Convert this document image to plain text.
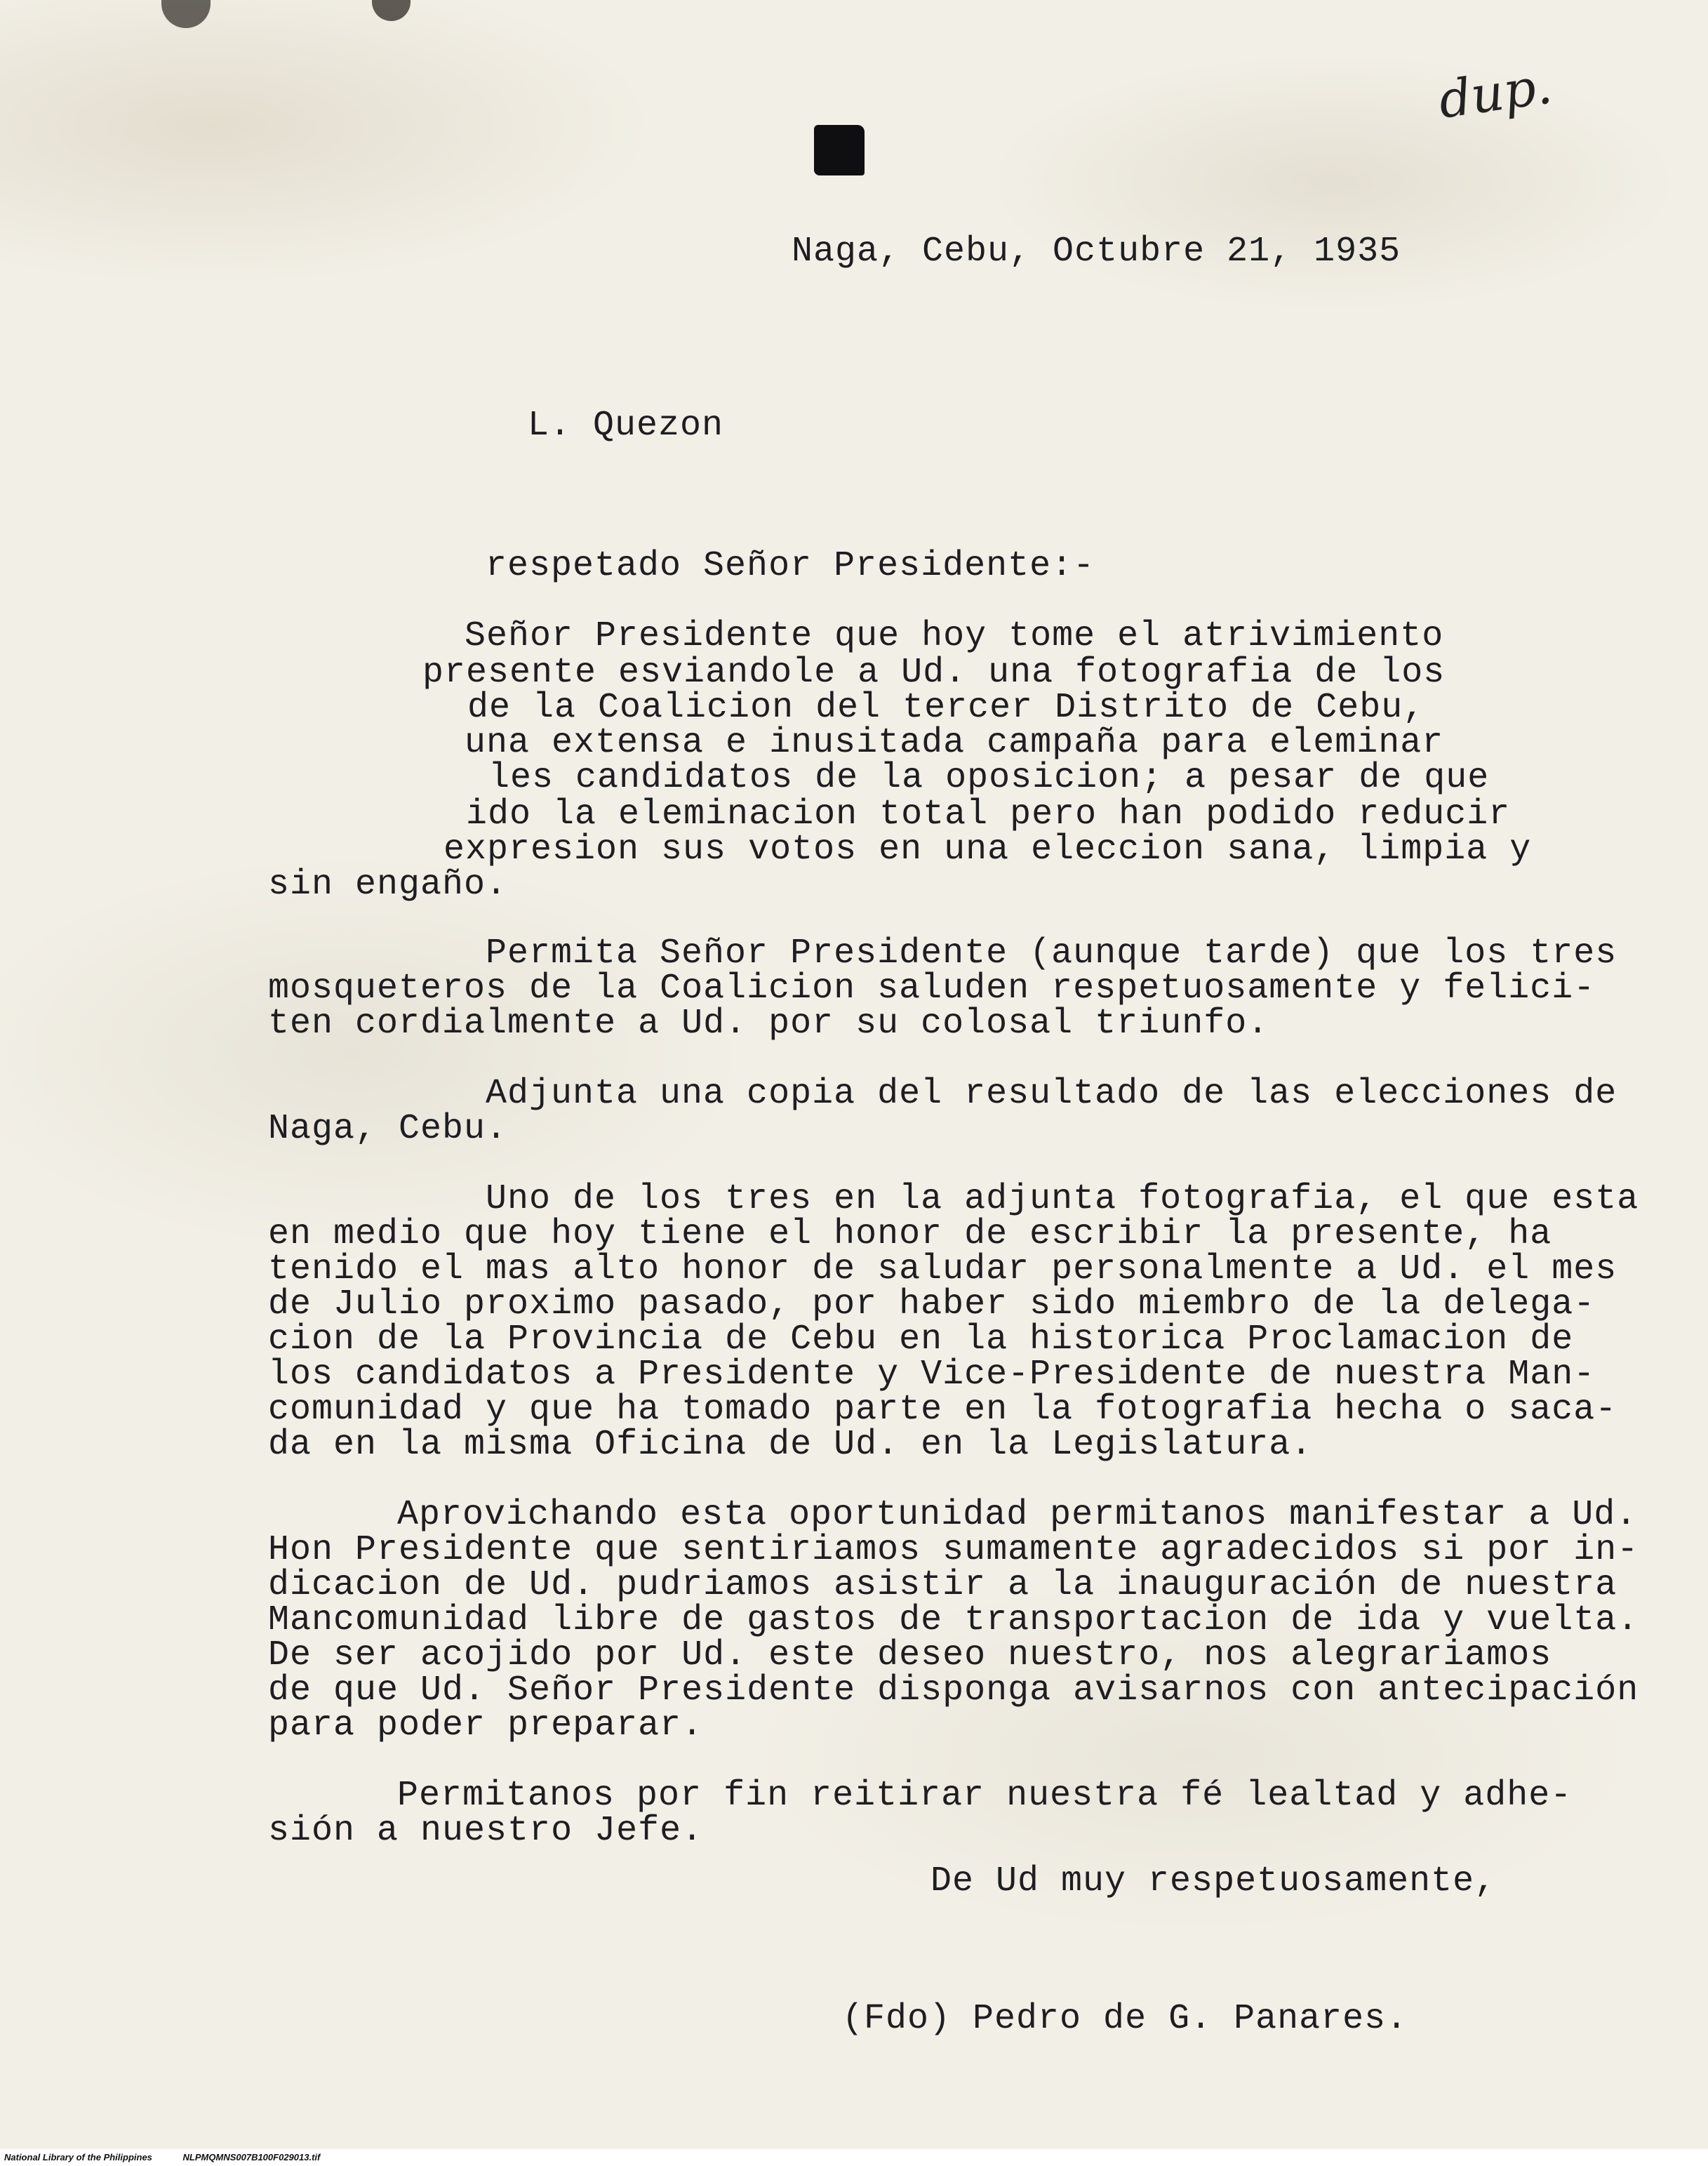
dup.
Naga, Cebu, Octubre 21, 1935
L. Quezon
respetado Señor Presidente:-
Señor Presidente que hoy tome el atrivimiento
presente esviandole a Ud. una fotografia de los
de la Coalicion del tercer Distrito de Cebu,
una extensa e inusitada campaña para eleminar
les candidatos de la oposicion; a pesar de que
ido la eleminacion total pero han podido reducir
expresion sus votos en una eleccion sana, limpia y
sin engaño.
Permita Señor Presidente (aunque tarde) que los tres
mosqueteros de la Coalicion saluden respetuosamente y felici-
ten cordialmente a Ud. por su colosal triunfo.
Adjunta una copia del resultado de las elecciones de
Naga, Cebu.
Uno de los tres en la adjunta fotografia, el que esta
en medio que hoy tiene el honor de escribir la presente, ha
tenido el mas alto honor de saludar personalmente a Ud. el mes
de Julio proximo pasado, por haber sido miembro de la delega-
cion de la Provincia de Cebu en la historica Proclamacion de
los candidatos a Presidente y Vice-Presidente de nuestra Man-
comunidad y que ha tomado parte en la fotografia hecha o saca-
da en la misma Oficina de Ud. en la Legislatura.
Aprovichando esta oportunidad permitanos manifestar a Ud.
Hon Presidente que sentiriamos sumamente agradecidos si por in-
dicacion de Ud. pudriamos asistir a la inauguración de nuestra
Mancomunidad libre de gastos de transportacion de ida y vuelta.
De ser acojido por Ud. este deseo nuestro, nos alegrariamos
de que Ud. Señor Presidente disponga avisarnos con antecipación
para poder preparar.
Permitanos por fin reitirar nuestra fé lealtad y adhe-
sión a nuestro Jefe.
De Ud muy respetuosamente,
(Fdo) Pedro de G. Panares.
National Library of the Philippines	NLPMQMNS007B100F029013.tif
